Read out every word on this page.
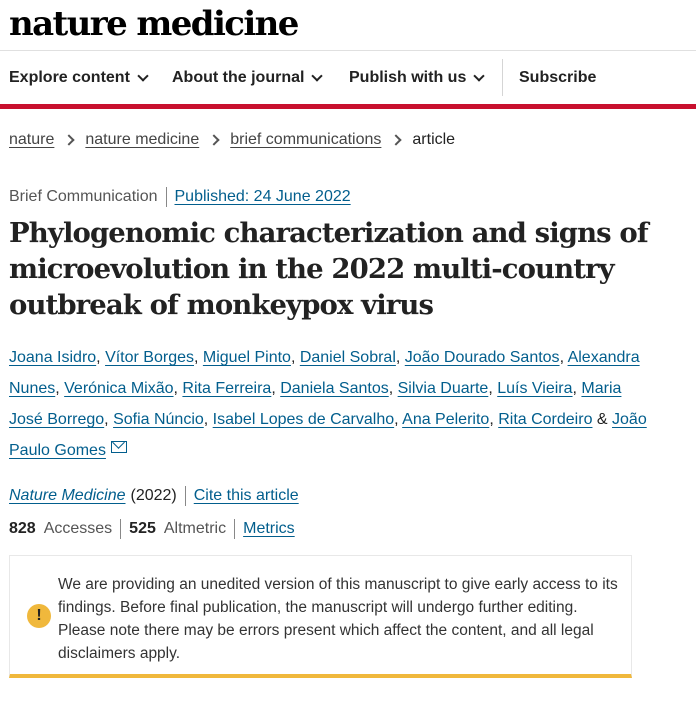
nature medicine
Explore content	About the journal	Publish with us	Subscribe
nature nature medicine brief communications article
Brief Communication Published: 24 June 2022
Phylogenomic characterization and signs of microevolution in the 2022 multi-country outbreak of monkeypox virus
Joana Isidro, Vítor Borges, Miguel Pinto, Daniel Sobral, João Dourado Santos, Alexandra Nunes, Verónica Mixão, Rita Ferreira, Daniela Santos, Silvia Duarte, Luís Vieira, Maria José Borrego, Sofia Núncio, Isabel Lopes de Carvalho, Ana Pelerito, Rita Cordeiro & João Paulo Gomes
Nature Medicine (2022) Cite this article
828 Accesses 525 Altmetric Metrics
!
We are providing an unedited version of this manuscript to give early access to its findings. Before final publication, the manuscript will undergo further editing. Please note there may be errors present which affect the content, and all legal disclaimers apply.
